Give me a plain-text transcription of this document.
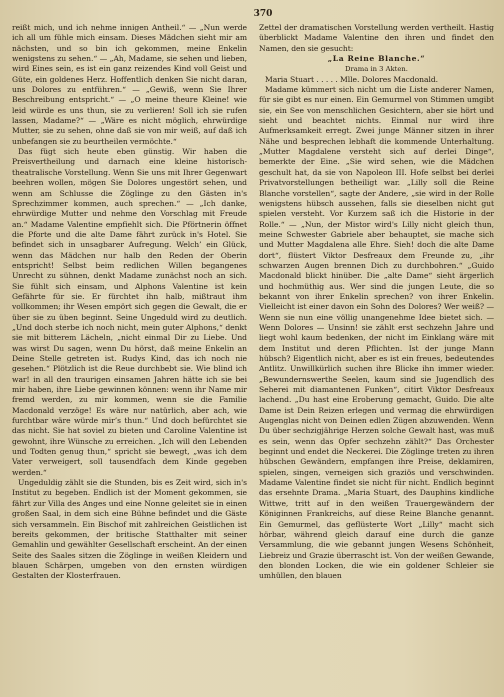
370

reißt mich, und ich nehme innigen Antheil.“ — „Nun werde ich all um fühle mich einsam. Dieses Mädchen sieht mir am nächsten, und so bin ich gekommen, meine Enkelin wenigstens zu sehen.“ — „Ah, Madame, sie sehen und lieben, wird Eines sein, es ist ein ganz reizendes Kind voll Geist und Güte, ein goldenes Herz. Hoffentlich denken Sie nicht daran, uns Dolores zu entführen.“ — „Gewiß, wenn Sie Ihrer Beschreibung entspricht.“ — „O meine theure Kleine! wie leid würde es uns thun, sie zu verlieren! Soll ich sie rufen lassen, Madame?“ — „Wäre es nicht möglich, ehrwürdige Mutter, sie zu sehen, ohne daß sie von mir weiß, auf daß ich unbefangen sie zu beurtheilen vermöchte.“

Das fügt sich heute eben günstig. Wir haben die Preisvertheilung und darnach eine kleine historisch-theatralische Vorstellung. Wenn Sie uns mit Ihrer Gegenwart beehren wollen, mögen Sie Dolores ungestört sehen, und wenn am Schlusse die Zöglinge zu den Gästen in's Sprechzimmer kommen, auch sprechen.“ — „Ich danke, ehrwürdige Mutter und nehme den Vorschlag mit Freude an.“ Madame Valentine empfiehlt sich. Die Pförtnerin öffnet die Pforte und die alte Dame fährt zurück in's Hotel. Sie befindet sich in unsagbarer Aufregung. Welch’ ein Glück, wenn das Mädchen nur halb den Reden der Oberin entspricht! Selbst beim redlichen Willen begangenes Unrecht zu sühnen, denkt Madame zunächst noch an sich. Sie fühlt sich einsam, und Alphons Valentine ist kein Gefährte für sie. Er fürchtet ihn halb, mißtraut ihm vollkommen; ihr Wesen empört sich gegen die Gewalt, die er über sie zu üben beginnt. Seine Ungeduld wird zu deutlich. „Und doch sterbe ich noch nicht, mein guter Alphons,“ denkt sie mit bitterem Lächeln, „nicht einmal Dir zu Liebe. Und was wirst Du sagen, wenn Du hörst, daß meine Enkelin an Deine Stelle getreten ist. Rudys Kind, das ich noch nie gesehen.“ Plötzlich ist die Reue durchbebt sie. Wie blind ich war! in all den traurigen einsamen Jahren hätte ich sie bei mir haben, ihre Liebe gewinnen können: wenn ihr Name mir fremd werden, zu mir kommen, wenn sie die Familie Macdonald verzöge! Es wäre nur natürlich, aber ach, wie furchtbar wäre würde mir’s thun.“ Und doch befürchtet sie das nicht. Sie hat soviel zu bieten und Caroline Valentine ist gewohnt, ihre Wünsche zu erreichen. „Ich will den Lebenden und Todten genug thun,“ spricht sie bewegt, „was ich dem Vater verweigert, soll tausendfach dem Kinde gegeben werden.“

Ungeduldig zählt sie die Stunden, bis es Zeit wird, sich in's Institut zu begeben. Endlich ist der Moment gekommen, sie fährt zur Villa des Anges und eine Nonne geleitet sie in einen großen Saal, in dem sich eine Bühne befindet und die Gäste sich versammeln. Ein Bischof mit zahlreichen Geistlichen ist bereits gekommen, der britische Statthalter mit seiner Gemahlin und gewählter Gesellschaft erscheint. An der einen Seite des Saales sitzen die Zöglinge in weißen Kleidern und blauen Schärpen, umgeben von den ernsten würdigen Gestalten der Klosterfrauen.

Zettel der dramatischen Vorstellung werden vertheilt. Hastig überblickt Madame Valentine den ihren und findet den Namen, den sie gesucht:

„La Reine Blanche.“
Drama in 3 Akten.

Maria Stuart . . . . . Mlle. Dolores Macdonald.

Madame kümmert sich nicht um die Liste anderer Namen, für sie gibt es nur einen. Ein Gemurmel von Stimmen umgibt sie, ein See von menschlichen Gesichtern, aber sie hört und sieht und beachtet nichts. Einmal nur wird ihre Aufmerksamkeit erregt. Zwei junge Männer sitzen in ihrer Nähe und besprechen lebhaft die kommende Unterhaltung. „Mutter Magdalene versteht sich auf derlei Dinge“, bemerkte der Eine. „Sie wird sehen, wie die Mädchen geschult hat, da sie von Napoleon III. Hofe selbst bei derlei Privatvorstellungen betheiligt war. „Lilly soll die Reine Blanche vorstellen“, sagte der Andere, „sie wird in der Rolle wenigstens hübsch aussehen, falls sie dieselben nicht gut spielen versteht. Vor Kurzem saß ich die Historie in der Rolle.“ — „Nun, der Mistor wird's Lilly nicht gleich thun, meine Schwester Gabriele aber behauptet, sie mache sich und Mutter Magdalena alle Ehre. Sieh! doch die alte Dame dort“, flüstert Viktor Desfreaux dem Freunde zu, „ihr schwarzen Augen brennen Dich zu durchbohren.“ „Guido Macdonald blickt hinüber. Die „alte Dame“ sieht ärgerlich und hochmüthig aus. Wer sind die jungen Leute, die so bekannt von ihrer Enkelin sprechen? von ihrer Enkelin. Vielleicht ist einer davon ein Sohn des Dolores? Wer weiß? — Wenn sie nun eine völlig unangenehme Idee bietet sich. — Wenn Dolores — Unsinn! sie zählt erst sechzehn Jahre und liegt wohl kaum bedenken, der nicht im Einklang wäre mit dem Institut und deren Pflichten. Ist der junge Mann hübsch? Eigentlich nicht, aber es ist ein freues, bedeutendes Antlitz. Unwillkürlich suchen ihre Blicke ihn immer wieder. „Bewundernswerthe Seelen, kaum sind sie Jugendlich des Seherei mit diamantenen Funken“, citirt Viktor Desfreaux lachend. „Du hast eine Eroberung gemacht, Guido. Die alte Dame ist Dein Reizen erlegen und vermag die ehrwürdigen Augenglas nicht von Deinen edlen Zügen abzuwenden. Wenn Du über sechzigjährige Herzen solche Gewalt hast, was muß es sein, wenn das Opfer sechzehn zählt?“ Das Orchester beginnt und endet die Neckerei. Die Zöglinge treten zu ihren hübschen Gewändern, empfangen ihre Preise, deklamiren, spielen, singen, verneigen sich graziös und verschwinden. Madame Valentine findet sie nicht für nicht. Endlich beginnt das ersehnte Drama. „Maria Stuart, des Dauphins kindliche Wittwe, tritt auf in den weißen Trauergewändern der Königinnen Frankreichs, auf diese Reine Blanche genannt. Ein Gemurmel, das geflüsterte Wort „Lilly“ macht sich hörbar, während gleich darauf eine durch die ganze Versammlung, die wie gebannt jungen Wesens Schönheit, Liebreiz und Grazie überrascht ist. Von der weißen Gewande, den blonden Locken, die wie ein goldener Schleier sie umhüllen, den blauen
